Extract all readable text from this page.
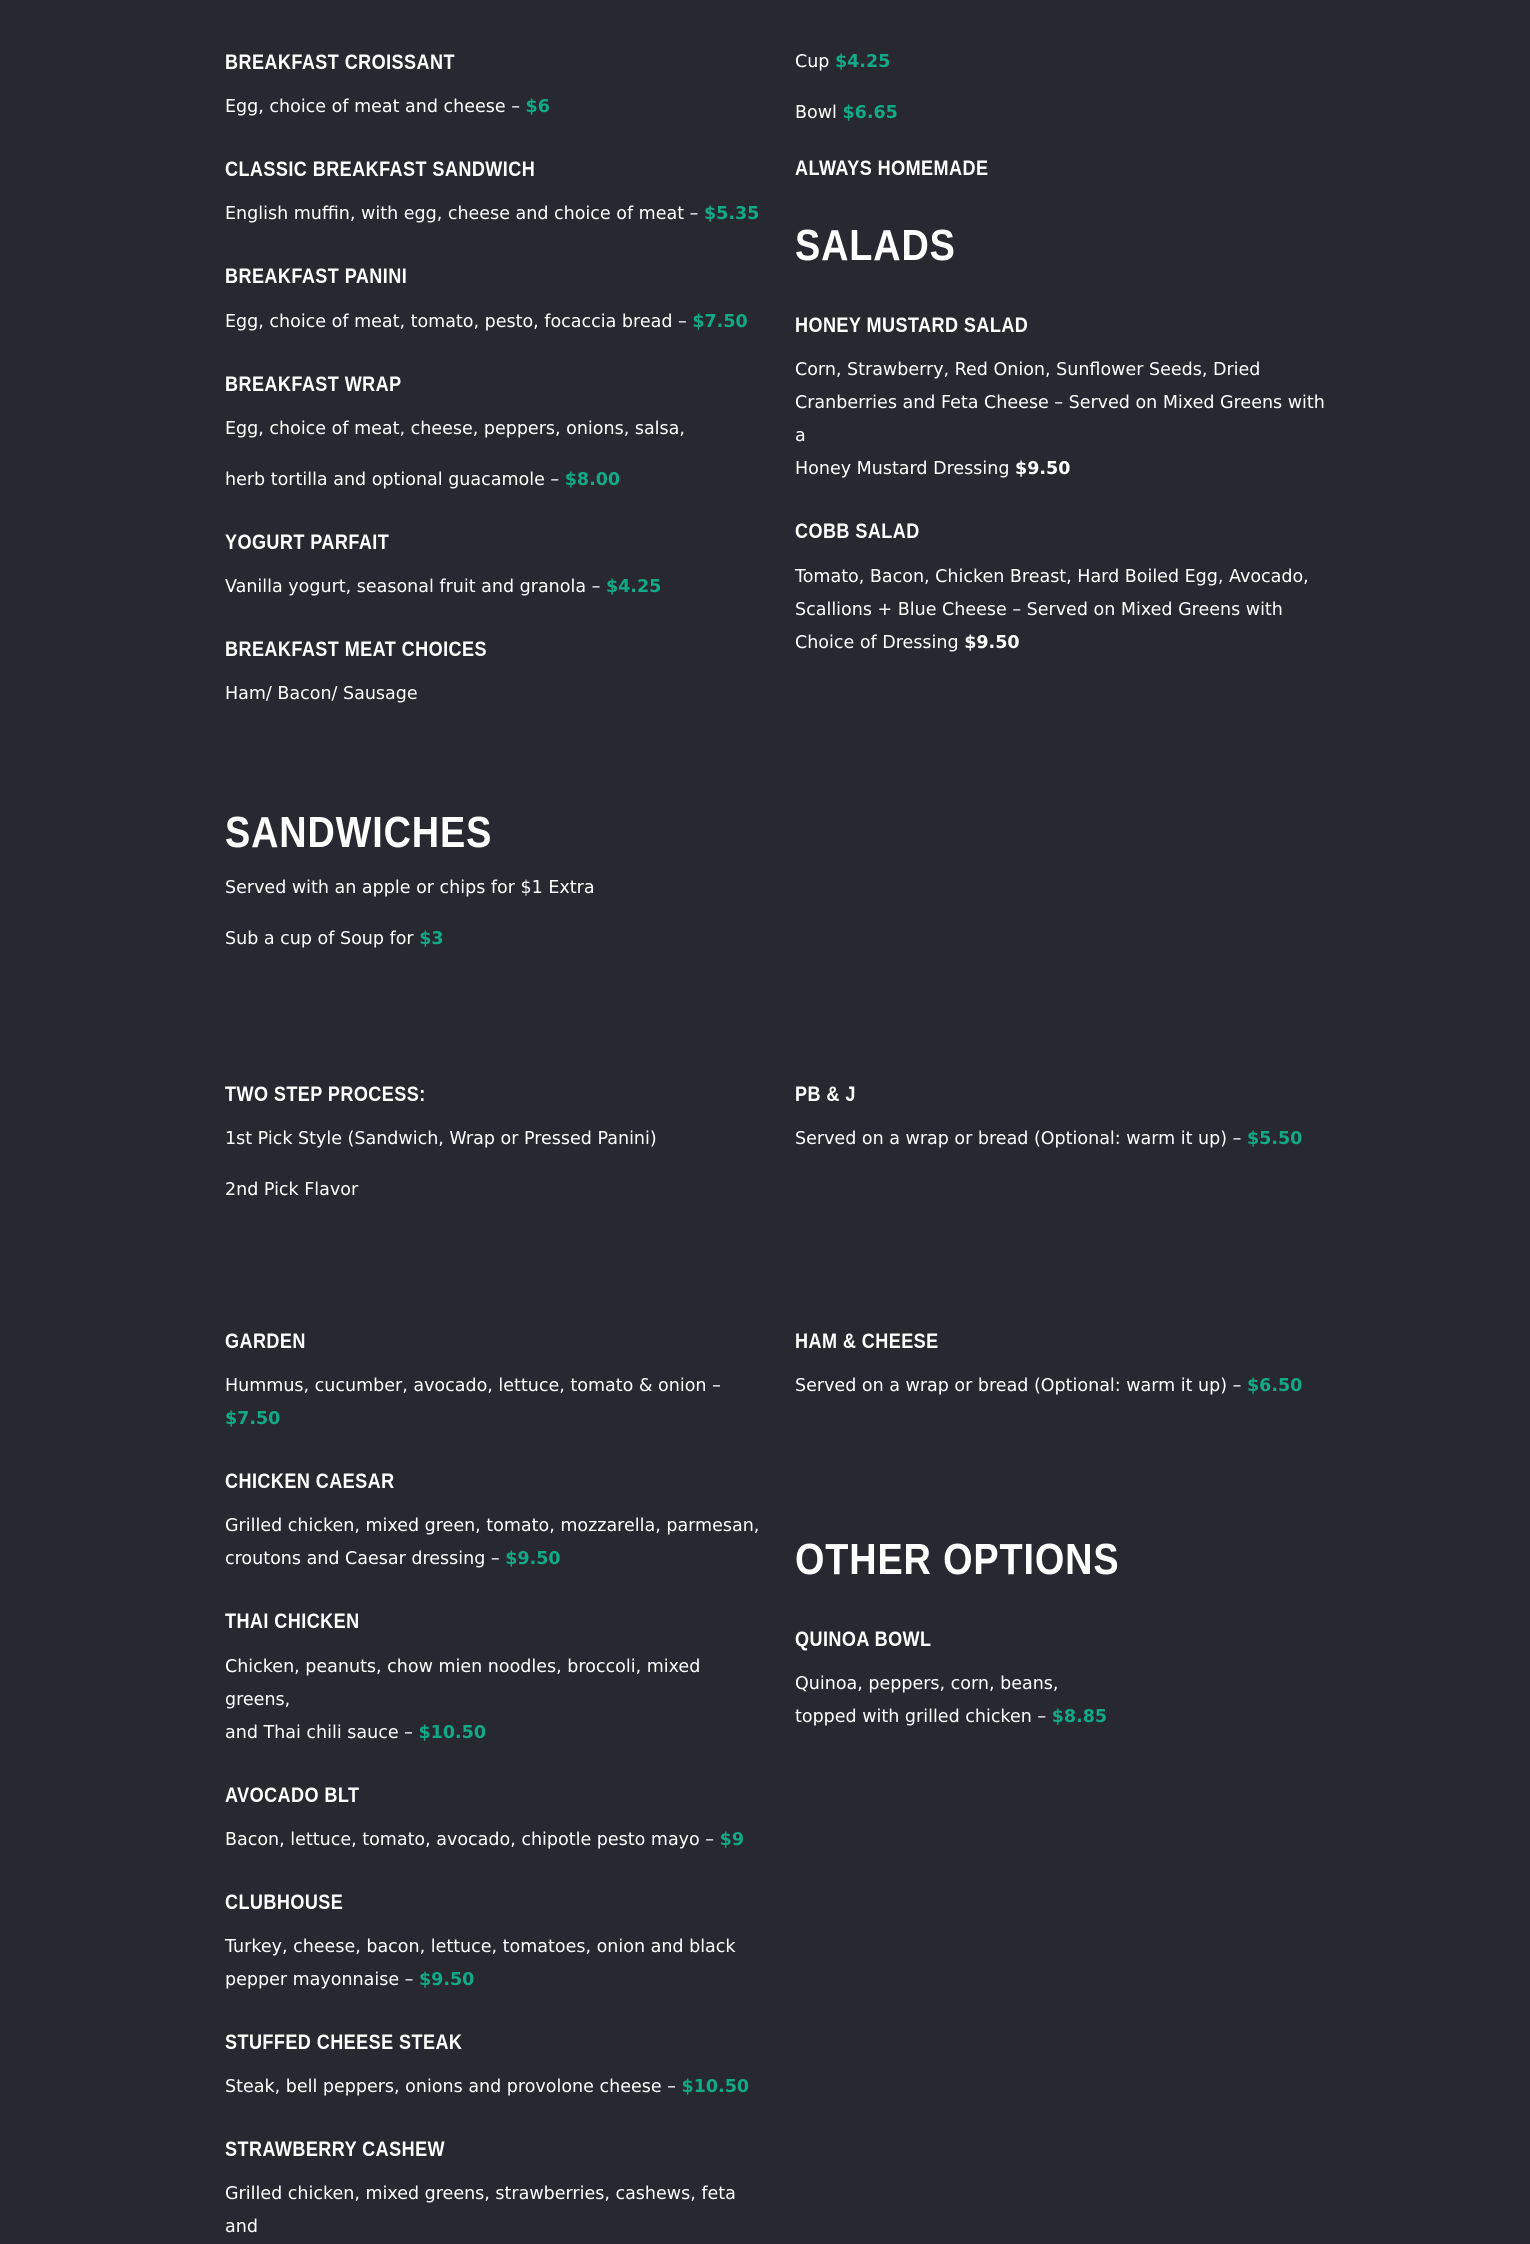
BREAKFAST CROISSANT

Egg, choice of meat and cheese – $6

CLASSIC BREAKFAST SANDWICH

English muffin, with egg, cheese and choice of meat – $5.35

BREAKFAST PANINI

Egg, choice of meat, tomato, pesto, focaccia bread – $7.50

BREAKFAST WRAP

Egg, choice of meat, cheese, peppers, onions, salsa,

herb tortilla and optional guacamole – $8.00

YOGURT PARFAIT

Vanilla yogurt, seasonal fruit and granola – $4.25

BREAKFAST MEAT CHOICES

Ham/ Bacon/ Sausage

Cup $4.25

Bowl $6.65

ALWAYS HOMEMADE
SALADS
HONEY MUSTARD SALAD

Corn, Strawberry, Red Onion, Sunflower Seeds, Dried

Cranberries and Feta Cheese – Served on Mixed Greens with a

Honey Mustard Dressing $9.50

COBB SALAD

Tomato, Bacon, Chicken Breast, Hard Boiled Egg, Avocado,

Scallions + Blue Cheese – Served on Mixed Greens with

Choice of Dressing $9.50

SANDWICHES

Served with an apple or chips for $1 Extra

Sub a cup of Soup for $3

TWO STEP PROCESS:

1st Pick Style (Sandwich, Wrap or Pressed Panini)

2nd Pick Flavor

PB & J

Served on a wrap or bread (Optional: warm it up) – $5.50

GARDEN

Hummus, cucumber, avocado, lettuce, tomato & onion – $7.50

CHICKEN CAESAR

Grilled chicken, mixed green, tomato, mozzarella, parmesan,

croutons and Caesar dressing – $9.50

THAI CHICKEN

Chicken, peanuts, chow mien noodles, broccoli, mixed greens,

and Thai chili sauce – $10.50

AVOCADO BLT

Bacon, lettuce, tomato, avocado, chipotle pesto mayo – $9

CLUBHOUSE

Turkey, cheese, bacon, lettuce, tomatoes, onion and black

pepper mayonnaise – $9.50

STUFFED CHEESE STEAK

Steak, bell peppers, onions and provolone cheese – $10.50

STRAWBERRY CASHEW

Grilled chicken, mixed greens, strawberries, cashews, feta and

HAM & CHEESE

Served on a wrap or bread (Optional: warm it up) – $6.50

OTHER OPTIONS
QUINOA BOWL

Quinoa, peppers, corn, beans,

topped with grilled chicken – $8.85
